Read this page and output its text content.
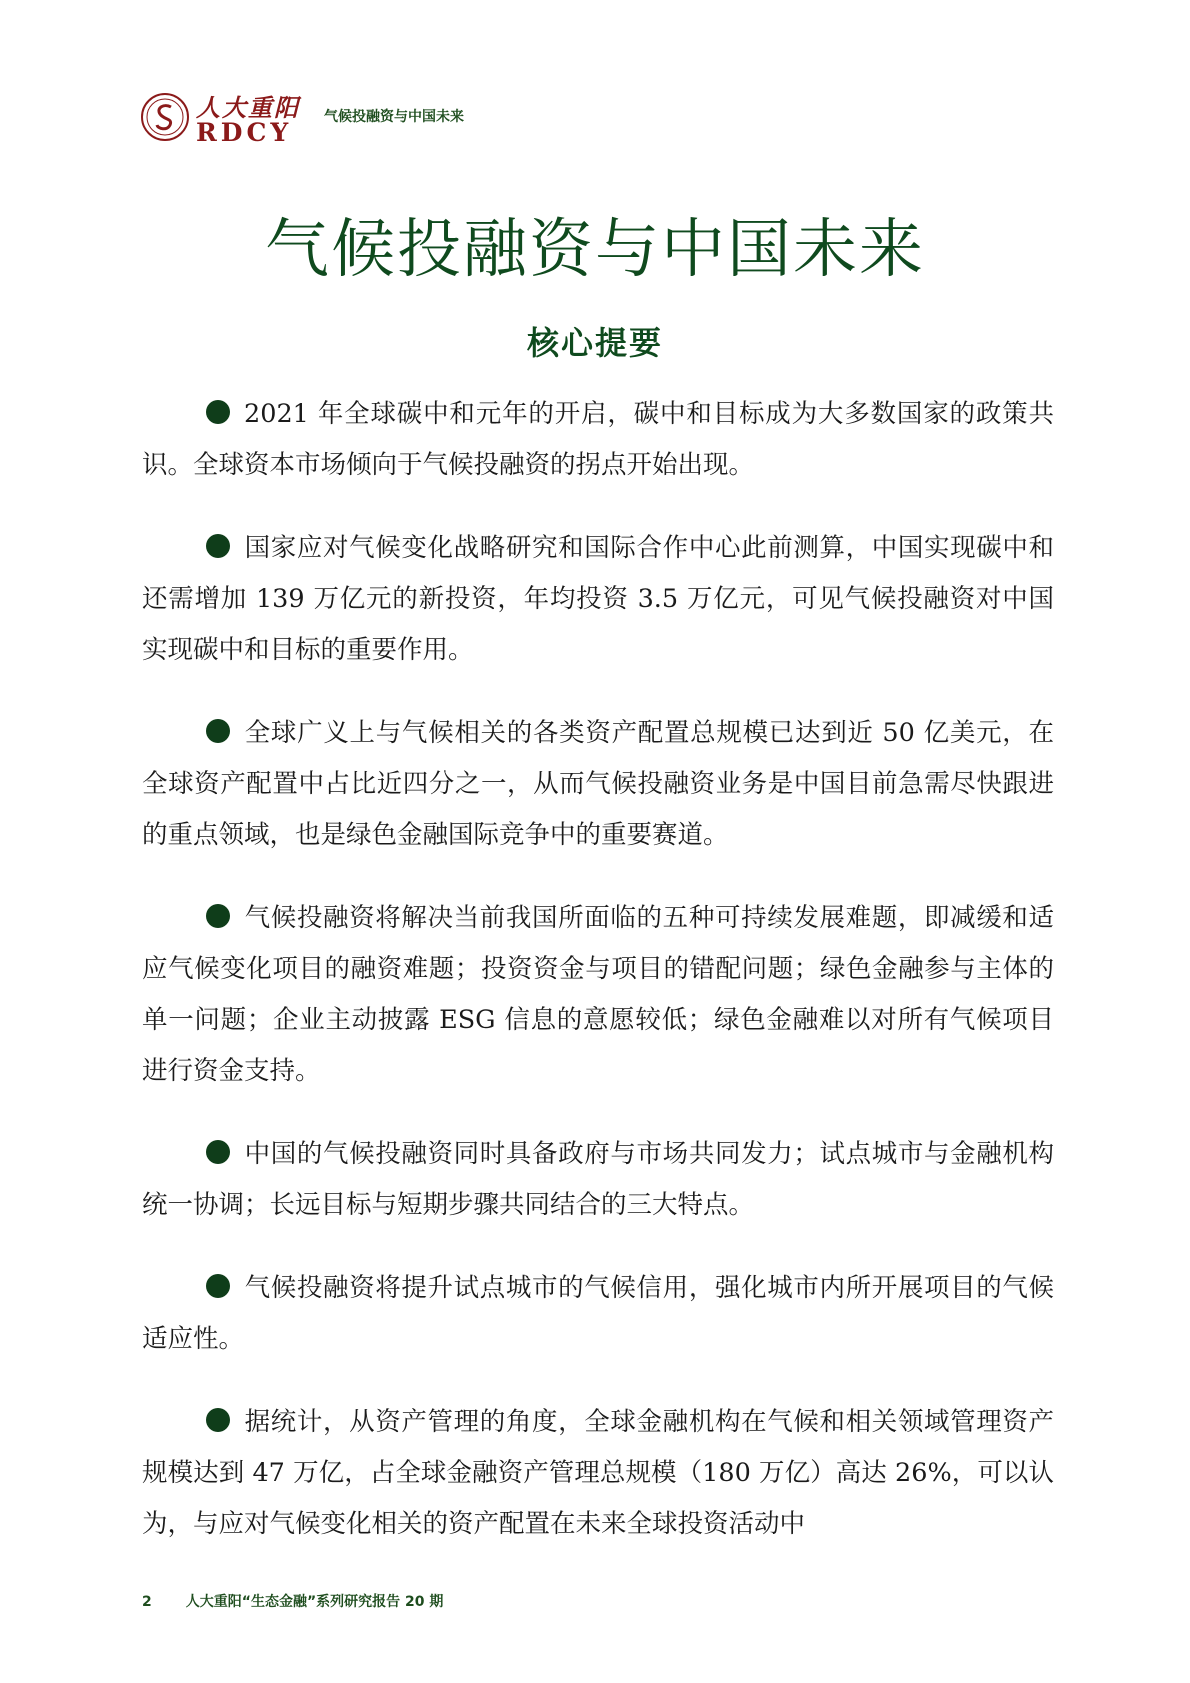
人大重阳
RDCY
气候投融资与中国未来
气候投融资与中国未来
核心提要

2021 年全球碳中和元年的开启，碳中和目标成为大多数国家的政策共识。全球资本市场倾向于气候投融资的拐点开始出现。

国家应对气候变化战略研究和国际合作中心此前测算，中国实现碳中和还需增加 139 万亿元的新投资，年均投资 3.5 万亿元，可见气候投融资对中国实现碳中和目标的重要作用。

全球广义上与气候相关的各类资产配置总规模已达到近 50 亿美元，在全球资产配置中占比近四分之一，从而气候投融资业务是中国目前急需尽快跟进的重点领域，也是绿色金融国际竞争中的重要赛道。

气候投融资将解决当前我国所面临的五种可持续发展难题，即减缓和适应气候变化项目的融资难题；投资资金与项目的错配问题；绿色金融参与主体的单一问题；企业主动披露 ESG 信息的意愿较低；绿色金融难以对所有气候项目进行资金支持。

中国的气候投融资同时具备政府与市场共同发力；试点城市与金融机构统一协调；长远目标与短期步骤共同结合的三大特点。

气候投融资将提升试点城市的气候信用，强化城市内所开展项目的气候适应性。

据统计，从资产管理的角度，全球金融机构在气候和相关领域管理资产规模达到 47 万亿，占全球金融资产管理总规模（180 万亿）高达 26%，可以认为，与应对气候变化相关的资产配置在未来全球投资活动中

2 人大重阳“生态金融”系列研究报告 20 期
